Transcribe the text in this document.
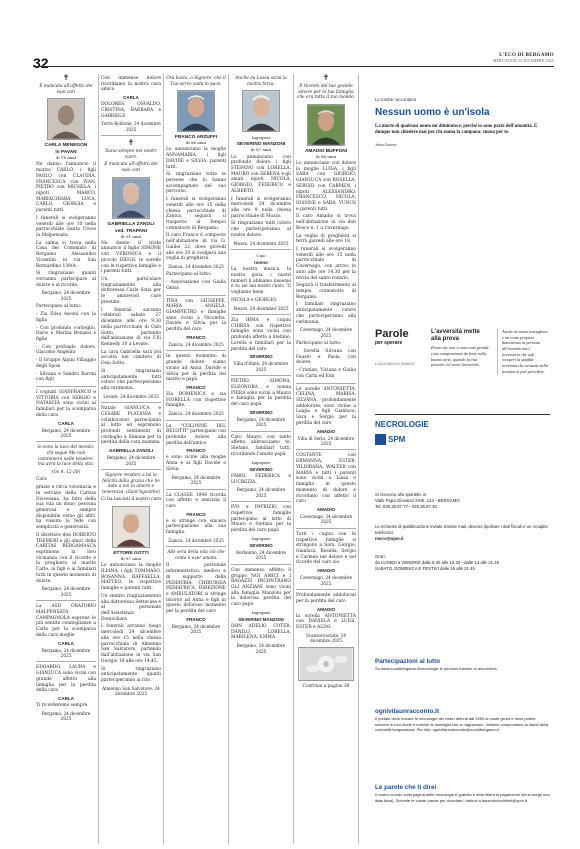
32	L'ECO DI BERGAMO
MERCOLEDÌ 24 DICEMBRE 2025
✝
È mancata all'affetto dei suoi cari
CARLA MENEGON
in PAVAN
di 78 anni
Ne danno l'annuncio il marito CARLO, i figli PAOLO con CLAUDIA, FRANCESCA con IVAN, PIETRO con MICHELA, i nipoti MARCO, MARIACHIARA, LUCA, CARLO, GIORGIA e parenti tutti.
I funerali si svolgeranno venerdì alle ore 10 nella parrocchiale Santa Croce in Malpensata.
La salma si trova nella Casa del Commiato di Bergamo Alessandro Vicentini in via San Bernardino 139/A.
Si ringraziano quanti vorranno partecipare al dolore e al ricordo.
Bergamo, 24 dicembre 2025
Partecipano al lutto:
- Zia Elisa Assoni con la figlia
- Con profondo cordoglio, Dario e Marina Benassi e figlie
- Con profondo dolore, Giacomo Angelini
- Il Gruppo Alpini Villaggio degli Sposi
- Silvana e Sandro Baroni con figli
I cognati GIANFRANCO e VITTORIA con SERGIO e NATASCIA sono vicini ai familiari per la scomparsa della cara
CARLA
Bergamo, 24 dicembre 2025
Io sono la luce del mondo; chi segue Me non camminerà nelle tenebre, ma avrà la luce della vita.
(Gv 8, 12-20)
Cara
grazie e circa volontaria e in servizio della Caritas Diocesana, ha fatto della sua vita un dono; persona generosa e sempre disponibile verso gli altri, ha vissuto la fede con semplicità e generosità.
Il direttore don ROBERTO TREMERI e gli amici della CARITAS BERGAMASCA esprimono la loro vicinanza con il ricordo e la preghiera al marito Carlo, ai figli e ai familiari tutti in questo momento di dolore.
Bergamo, 24 dicembre 2025
La ASD ORATORIO MALPENSATA CAMPAGNOLA esprime le più sentite condoglianze a Carlo per la scomparsa della cara moglie
CARLA
Bergamo, 24 dicembre 2025
EDOARDO, LAURA e GIANLUCA sono vicini con grande affetto alla famiglia per la perdita della cara
CARLA
Ti ricorderemo sempre.
Bergamo, 24 dicembre 2025
Con immenso dolore ricordiamo la nostra cara amica
CARLA
DOLORES, OSVALDO, CRISTINA, BARBARA e GABRIELE.
Torre Boldone, 24 dicembre 2025
✝
Sarai sempre nei nostri cuori.
È mancata all'affetto dei suoi cari
GABRIELLA ZANOLI
ved. TRAPANI
di 91 anni
Ne danno il triste annuncio il figlio SIMONE con VERONICA e il piccolo DIEGO, le sorelle con le rispettive famiglie e i parenti tutti.
Un particolare ringraziamento alla dottoressa Carla Sotis per le amorevoli cure prestate.
I funerali saranno celebrati sabato 27 dicembre alle ore 9.30 nella parrocchiale di Oslo Sotto, partendo dall'abitazione di via F.lli Kennedy 10 a Levate.
La cara Gabriella sarà poi accolta nel cimitero di Osio Sotto.
Si ringraziano anticipatamente tutti coloro che parteciperanno alla cerimonia.
Levate, 24 dicembre 2025
Natale GIANLUCA e CESARE PLATANIA e collaboratori partecipano al lutto ed esprimono profondi sentimenti di cordoglio a Simone per la perdita della cara mamma
GABRIELLA ZANOLI
Bergamo, 24 dicembre 2025
Signore rendere a lui la felicità della grazia che ho dato a noi in amore e tenerezza. (Sant'Agostino)
Ci ha lasciati il nostro caro
ETTORE GOTTI
di 87 anni
Lo annunciano la moglie ILIANA, i figli TOMMASO, ROSANNA, RAFFAELLA, MATTEO, le rispettive famiglie e parenti tutti.
Un sentito ringraziamento alla dottoressa Settecase e al personale dell'Assistenza Domiciliare.
I funerali avranno luogo mercoledì 24 dicembre alle ore 15 nella chiesa parrocchiale di Almenno San Salvatore, partendo dall'abitazione in via San Giorgio 18 alle ore 14.45.
Si ringraziano anticipatamente quanti parteciperanno al rito.
Almenno San Salvatore, 24 dicembre 2025
Ora basta, o Signore, che il Tuo servo vada in pace.
FRANCO ARZUFFI
di 86 anni
Lo annunciano la moglie ANNAMARIA, i figli DAVIDE e SILVIA, parenti tutti.
Si ringraziano tutte le persone che lo hanno accompagnato nel suo percorso.
I funerali si svolgeranno venerdì alle ore 15 nella chiesa parrocchiale di Zanica, seguirà il trasporto al Tempio crematorio di Bergamo.
Il caro Franco è composto nell'abitazione in via G. Galilei 22, dove giovedì alle ore 20 si svolgerà una veglia di preghiera.
Zanica, 24 dicembre 2025
Partecipano al lutto:
- Associazione con Gialla Onlus
TINA con GIUSEPPE, MARIA ANGELA, GIAMPIETRO e famiglie sono vicini a Nicoletta, Davide e Silvia per la perdita del caro
FRANCO
Zanica, 24 dicembre 2025
In questo momento di grande dolore siamo vicino ad Anna, Davide e Silvia per la perdita del marito e papà
FRANCO
Zia DOMENICA e zia FIORELLA con rispettive famiglie.
Zanica, 24 dicembre 2025
La "COLONNE DEL BELOTTI" partecipano con profondo dolore alla perdita dell'amico
FRANCO
e sono vicine alla moglie Anna e ai figli Davide e Silvia.
Bergamo, 24 dicembre 2025
La CLASSE 1944 ricorda con affetto e amicizia il caro
FRANCO
e si stringe con sincera partecipazione alla sua famiglia.
Zanica, 24 dicembre 2025
Alle sera della vita ciò che conta è aver amato.
Il personale infermieristico, medico e di supporto della PEDIATRIA, CHIRURGIA PEDIATRICA, DIREZIONE e AMBULATORI si stringe intorno ad Anna e figli in questo doloroso momento per la perdita del caro
FRANCO
Bergamo, 24 dicembre 2025
Anche da Lassù sarai la nostra forza.
Ingegner
SEVERINO MANZONI
di 87 anni
Lo annunciano con profondo dolore i figli STEFANO con LORELLA, MAURO con SERENA e gli amati nipoti NICOLA, GIORGIO, FEDERICO e ALBERTO.
I funerali si svolgeranno mercoledì 24 dicembre alle ore 9 nella chiesa parrocchiale di Mozzo.
Si ringraziano tutti coloro che parteciperanno al nostro dolore.
Mozzo, 24 dicembre 2025
Ciao
nonno
La nostra musica, la nostra gioia, i nostri numeri li abbiamo insieme e tu sei nei nostri cuori. Ti vogliamo bene.
NICOLA e GIORGIO.
Mozzo, 24 dicembre 2025
Zia IRMA e cugini CHIRSA con rispettive famiglie sono vicini con profondo affetto a Stefano, Lorella e familiari per la perdita del caro
SEVERINO
Villa d'Almè, 24 dicembre 2025
PIETRO, SIMONA, ELEONORA e nonna PIERA sono vicini a Mauro e famiglia per la perdita del caro papà
SEVERINO
Bergamo, 24 dicembre 2025
Caro Mauro, con tanto affetto abbracciamo te, Stefano, familiari tutti, ricordando l'amato papà
Ingegner
SEVERINO
FABIO, FEDERICA e LUCREZIA.
Bergamo, 24 dicembre 2025
IVO e PATRIZIO con rispettive famiglie partecipano al lutto di Mauro e Stefano per la perdita del caro papà
Ingegner
SEVERINO
Berbenno, 24 dicembre 2025
Con immenso affetto il gruppo NOI AMICI e I RAGAZZI INCONTRANO GLI ANZIANI sono vicini alla famiglia Manzoni per la dolorosa perdita del caro papà
Ingegner
SEVERINO MANZONI
DON ADELIO COTER, DANILO, LORELLA, MARILENA, EMMA.
Bergamo, 24 dicembre 2025
✝
Il ricordo del tuo grande amore per la tua famiglia che era tutto il tuo mondo.
AMADIO BUFFONI
di 88 anni
Lo annunciano con dolore la moglie LUISA, i figli SARA con GIORGIO, GIANLUCA con ROSELLA, SERGIO con CARMEN, i nipoti ALESSANDRO, FRANCESCO, NICOLA, IOSSINE e SARA, YUNUS e parenti tutti.
Il caro Amadio si trova nell'abitazione in via don Bosco n. 1 a Cavernago.
La veglia di preghiera si terrà giovedì alle ore 18.
I funerali si svolgeranno venerdì alle ore 15 nella parrocchiale di Cavernago, con arrivo in auto alle ore 14.30 per la recita del santo rosario.
Seguirà il trasferimento al tempio crematorio di Bergamo.
I familiari ringraziano anticipatamente coloro che parteciperanno alla cerimonia.
Cavernago, 24 dicembre 2025
Partecipano al lutto:
- Sorella Silvana con Fausto e Paola, con dolore;
- Cristian, Viviana e Giulia con Carla ed Emi
Le sorelle ANTONIETTA, CELINA, MARISA, SILVANA, profondamente addolorate, sono vicine a Luigia e figli Gianluca, Sara e Sergio per la perdita del caro
AMADIO
Villa di Serio, 24 dicembre 2025
COSTANTE con ERMANNA, ESTER, YILDIRANA, WALTER con MARIA e tutti i parenti sono vicini a Luisa e famiglia in questo momento di dolore e ricordano con affetto il caro
AMADIO
Cavernago, 24 dicembre 2025
Tutti i cugini con le rispettive famiglie si stringono a Sara, Giorgio, Gianluca, Rosella, Sergio e Carmen nel dolore e nel ricordo del caro zio
AMADIO
Cavernago, 24 dicembre 2025
Profondamente addolorati per la perdita del caro
AMADIO
la sorella ANTONIETTA con DANIELA e LUIGI, ESTER e ALDO.
Scanzorosciate, 24 dicembre 2025
Continua a pagina 38
Le tombe raccontano
Nessun uomo è un'isola
La morte di qualsiasi uomo mi diminuisce, perché io sono parte dell'umanità. E dunque non chiedere mai per chi suona la campana: suona per te.
John Donne
Parole
per sperare
LUCIA SAVIOLI BIANCA
L'avversità mette alla prova
Penso che non ci sono una grande cosa compenetrata da forte nella buona sorte, quando la vita procede col vento favorevole.
Anche un uomo travagliato e un vento propizio dimostrano la persona all'incontro ma è necessario che egli recuperi la qualità avvenuta che nessuna della persona si può prevedere.
NECROLOGIE
SPM
Si ricevono allo sportello in:
Viale Papa Giovanni XXIII, 124 - BERGAMO
Tel. 035.35.87.77 - 035.35.87.30
Le richieste di pubblicazione inviate tramite mail, devono riportare i dati fiscali e un recapito telefonico
necro@spm.it
Orari:
da LUNEDÌ a VENERDÌ dalle 8.30 alle 12.30 - dalle 14 alle 21.45
SABATO, DOMENICA E FESTIVI dalle 16 alle 21.45
Partecipazioni al lutto
Su www.ecodibergamo.it/necrologie le persone inserire in autonomia.
ognivitaunracconto.it
Il portale dove trovare le necrologie dei vostri defunti dal 1950 ai nostri giorni e dove potete scrivere le loro storie e inserire le immagini che si ringraziano. Insieme componiamo la storia della comunità bergamasca. Per info: ognivitaunracconto@ecodibergamo.it
Le parole che ti direi
Il vostro ricordo sulla pagina delle necrologie è gratuito e data libera la pagamento sia si scegli una data fissa). Scrivete le vostre parole per ricordare i defunti a leparolechetidirei@spm.it
